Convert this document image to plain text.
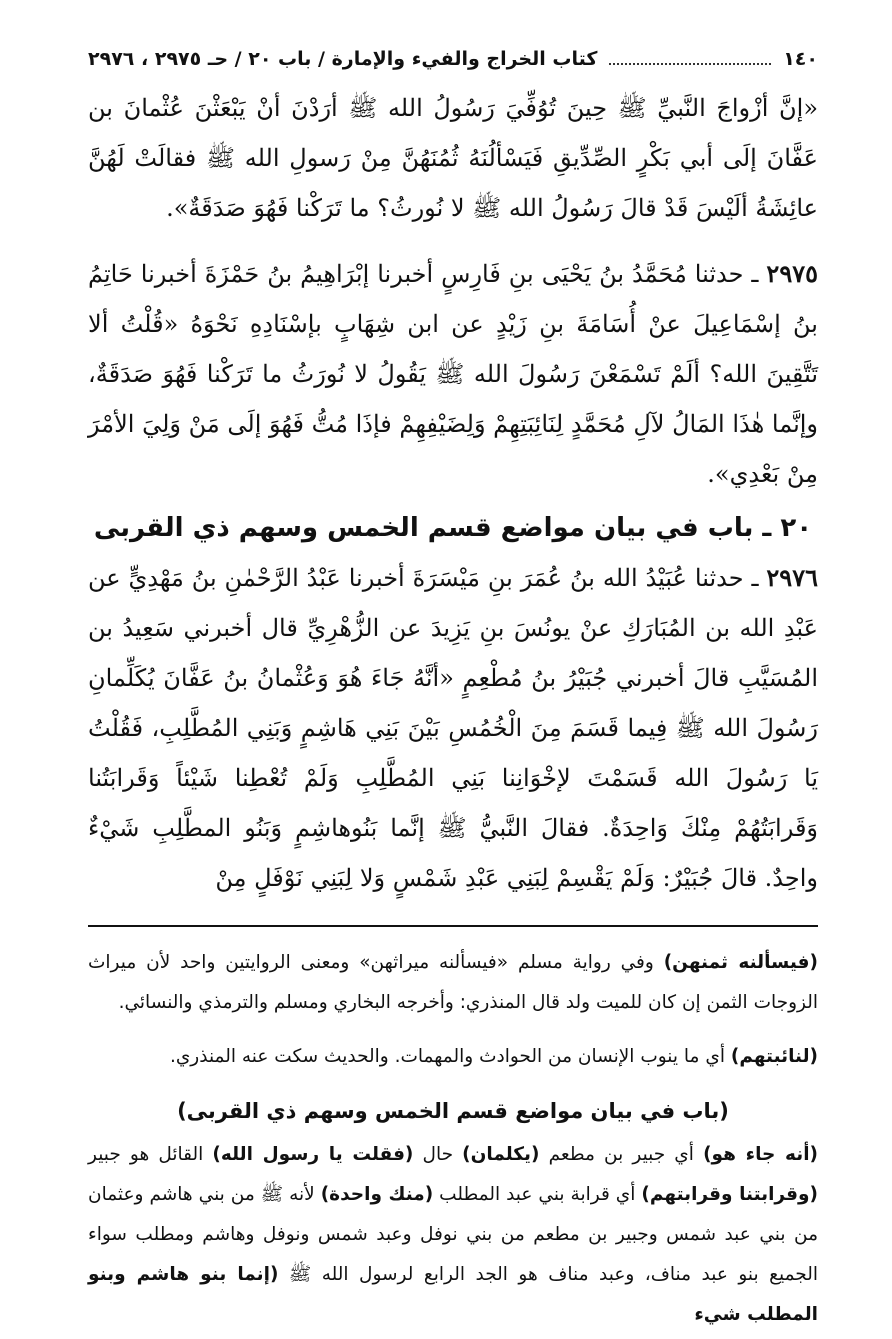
١٤٠
كتاب الخراج والفيء والإمارة / باب ٢٠ / حـ ٢٩٧٥ ، ٢٩٧٦

«إنَّ أزْواجَ النَّبيِّ ﷺ حِينَ تُوُفِّيَ رَسُولُ الله ﷺ أرَدْنَ أنْ يَبْعَثْنَ عُثْمانَ بن عَفَّانَ إلَى أبي بَكْرٍ الصِّدِّيقِ فَيَسْألُنَهُ ثُمُنَهُنَّ مِنْ رَسولِ الله ﷺ فقالَتْ لَهُنَّ عائِشَةُ ألَيْسَ قَدْ قالَ رَسُولُ الله ﷺ لا نُورثُ؟ ما تَرَكْنا فَهُوَ صَدَقَةٌ».

٢٩٧٥ ـ حدثنا مُحَمَّدُ بنُ يَحْيَى بنِ فَارِسٍ أخبرنا إبْرَاهِيمُ بنُ حَمْزَةَ أخبرنا حَاتِمُ بنُ إسْمَاعِيلَ عنْ أُسَامَةَ بنِ زَيْدٍ عن ابن شِهَابٍ بإسْنَادِهِ نَحْوَهُ «قُلْتُ ألا تَتَّقِينَ الله؟ ألَمْ تَسْمَعْنَ رَسُولَ الله ﷺ يَقُولُ لا نُورَثُ ما تَرَكْنا فَهُوَ صَدَقَةٌ، وإنَّما هٰذَا المَالُ لآلِ مُحَمَّدٍ لِنَائِبَتِهِمْ وَلِضَيْفِهِمْ فإذَا مُتُّ فَهُوَ إلَى مَنْ وَلِيَ الأمْرَ مِنْ بَعْدِي».

٢٠ ـ باب في بيان مواضع قسم الخمس وسهم ذي القربى

٢٩٧٦ ـ حدثنا عُبَيْدُ الله بنُ عُمَرَ بنِ مَيْسَرَةَ أخبرنا عَبْدُ الرَّحْمٰنِ بنُ مَهْدِيٍّ عن عَبْدِ الله بن المُبَارَكِ عنْ يونُسَ بنِ يَزِيدَ عن الزُّهْرِيِّ قال أخبرني سَعِيدُ بن المُسَيَّبِ قالَ أخبرني جُبَيْرُ بنُ مُطْعِمٍ «أنَّهُ جَاءَ هُوَ وَعُثْمانُ بنُ عَفَّانَ يُكَلِّمانِ رَسُولَ الله ﷺ فِيما قَسَمَ مِنَ الْخُمُسِ بَيْنَ بَنِي هَاشِمٍ وَبَنِي المُطَّلِبِ، فَقُلْتُ يَا رَسُولَ الله قَسَمْتَ لإخْوَانِنا بَنِي المُطَّلِبِ وَلَمْ تُعْطِنا شَيْئاً وَقَرابَتُنا وَقَرابَتُهُمْ مِنْكَ وَاحِدَةٌ. فقالَ النَّبيُّ ﷺ إنَّما بَنُوهاشِمٍ وَبَنُو المطَّلِبِ شَيْءٌ واحِدٌ. قالَ جُبَيْرٌ: وَلَمْ يَقْسِمْ لِبَنِي عَبْدِ شَمْسٍ وَلا لِبَنِي نَوْفَلٍ مِنْ

(فيسألنه ثمنهن) وفي رواية مسلم «فيسألنه ميراثهن» ومعنى الروايتين واحد لأن ميراث الزوجات الثمن إن كان للميت ولد قال المنذري: وأخرجه البخاري ومسلم والترمذي والنسائي.

(لنائبتهم) أي ما ينوب الإنسان من الحوادث والمهمات. والحديث سكت عنه المنذري.

(باب في بيان مواضع قسم الخمس وسهم ذي القربى)

(أنه جاء هو) أي جبير بن مطعم (يكلمان) حال (فقلت يا رسول الله) القائل هو جبير (وقرابتنا وقرابتهم) أي قرابة بني عبد المطلب (منك واحدة) لأنه ﷺ من بني هاشم وعثمان من بني عبد شمس وجبير بن مطعم من بني نوفل وعبد شمس ونوفل وهاشم ومطلب سواء الجميع بنو عبد مناف، وعبد مناف هو الجد الرابع لرسول الله ﷺ (إنما بنو هاشم وبنو المطلب شيء
